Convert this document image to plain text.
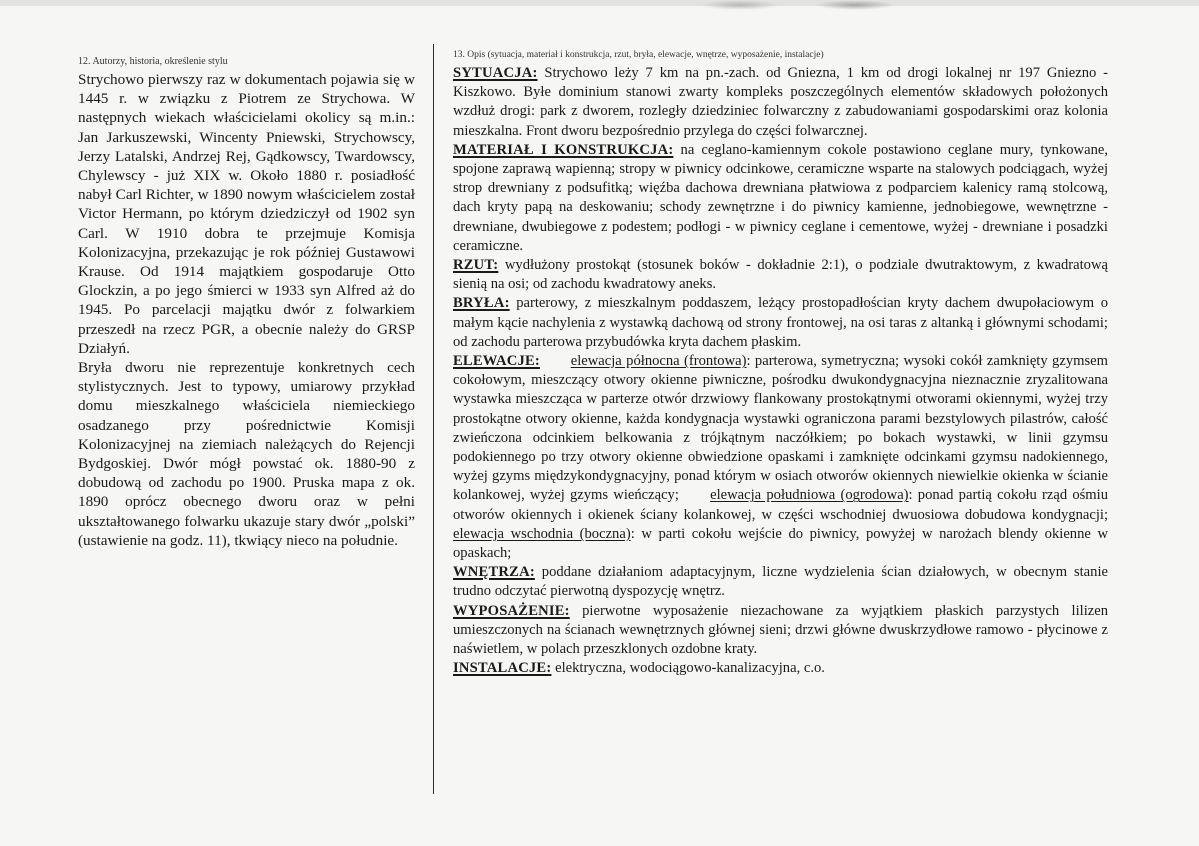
12. Autorzy, historia, określenie stylu

Strychowo pierwszy raz w dokumentach pojawia się w 1445 r. w związku z Piotrem ze Strychowa. W następnych wiekach właścicielami okolicy są m.in.: Jan Jarkuszewski, Wincenty Pniewski, Strychowscy, Jerzy Latalski, Andrzej Rej, Gądkowscy, Twardowscy, Chylewscy - już XIX w. Około 1880 r. posiadłość nabył Carl Richter, w 1890 nowym właścicielem został Victor Hermann, po którym dziedziczył od 1902 syn Carl. W 1910 dobra te przejmuje Komisja Kolonizacyjna, przekazując je rok później Gustawowi Krause. Od 1914 majątkiem gospodaruje Otto Glockzin, a po jego śmierci w 1933 syn Alfred aż do 1945. Po parcelacji majątku dwór z folwarkiem przeszedł na rzecz PGR, a obecnie należy do GRSP Działyń.

Bryła dworu nie reprezentuje konkretnych cech stylistycznych. Jest to typowy, umiarowy przykład domu mieszkalnego właściciela niemieckiego osadzanego przy pośrednictwie Komisji Kolonizacyjnej na ziemiach należących do Rejencji Bydgoskiej. Dwór mógł powstać ok. 1880-90 z dobudową od zachodu po 1900. Pruska mapa z ok. 1890 oprócz obecnego dworu oraz w pełni ukształtowanego folwarku ukazuje stary dwór „polski” (ustawienie na godz. 11), tkwiący nieco na południe.

13. Opis (sytuacja, materiał i konstrukcja, rzut, bryła, elewacje, wnętrze, wyposażenie, instalacje)

SYTUACJA: Strychowo leży 7 km na pn.-zach. od Gniezna, 1 km od drogi lokalnej nr 197 Gniezno - Kiszkowo. Byłe dominium stanowi zwarty kompleks poszczególnych elementów składowych położonych wzdłuż drogi: park z dworem, rozległy dziedziniec folwarczny z zabudowaniami gospodarskimi oraz kolonia mieszkalna. Front dworu bezpośrednio przylega do części folwarcznej.

MATERIAŁ I KONSTRUKCJA: na ceglano-kamiennym cokole postawiono ceglane mury, tynkowane, spojone zaprawą wapienną; stropy w piwnicy odcinkowe, ceramiczne wsparte na stalowych podciągach, wyżej strop drewniany z podsufitką; więźba dachowa drewniana płatwiowa z podparciem kalenicy ramą stolcową, dach kryty papą na deskowaniu; schody zewnętrzne i do piwnicy kamienne, jednobiegowe, wewnętrzne - drewniane, dwubiegowe z podestem; podłogi - w piwnicy ceglane i cementowe, wyżej - drewniane i posadzki ceramiczne.

RZUT: wydłużony prostokąt (stosunek boków - dokładnie 2:1), o podziale dwutraktowym, z kwadratową sienią na osi; od zachodu kwadratowy aneks.

BRYŁA: parterowy, z mieszkalnym poddaszem, leżący prostopadłościan kryty dachem dwupołaciowym o małym kącie nachylenia z wystawką dachową od strony frontowej, na osi taras z altanką i głównymi schodami; od zachodu parterowa przybudówka kryta dachem płaskim.

ELEWACJE: elewacja północna (frontowa): parterowa, symetryczna; wysoki cokół zamknięty gzymsem cokołowym, mieszczący otwory okienne piwniczne, pośrodku dwukondygnacyjna nieznacznie zryzalitowana wystawka mieszcząca w parterze otwór drzwiowy flankowany prostokątnymi otworami okiennymi, wyżej trzy prostokątne otwory okienne, każda kondygnacja wystawki ograniczona parami bezstylowych pilastrów, całość zwieńczona odcinkiem belkowania z trójkątnym naczółkiem; po bokach wystawki, w linii gzymsu podokiennego po trzy otwory okienne obwiedzione opaskami i zamknięte odcinkami gzymsu nadokiennego, wyżej gzyms międzykondygnacyjny, ponad którym w osiach otworów okiennych niewielkie okienka w ścianie kolankowej, wyżej gzyms wieńczący; elewacja południowa (ogrodowa): ponad partią cokołu rząd ośmiu otworów okiennych i okienek ściany kolankowej, w części wschodniej dwuosiowa dobudowa kondygnacji; elewacja wschodnia (boczna): w parti cokołu wejście do piwnicy, powyżej w narożach blendy okienne w opaskach;

WNĘTRZA: poddane działaniom adaptacyjnym, liczne wydzielenia ścian działowych, w obecnym stanie trudno odczytać pierwotną dyspozycję wnętrz.

WYPOSAŻENIE: pierwotne wyposażenie niezachowane za wyjątkiem płaskich parzystych lilizen umieszczonych na ścianach wewnętrznych głównej sieni; drzwi główne dwuskrzydłowe ramowo - płycinowe z naświetlem, w polach przeszklonych ozdobne kraty.

INSTALACJE: elektryczna, wodociągowo-kanalizacyjna, c.o.
